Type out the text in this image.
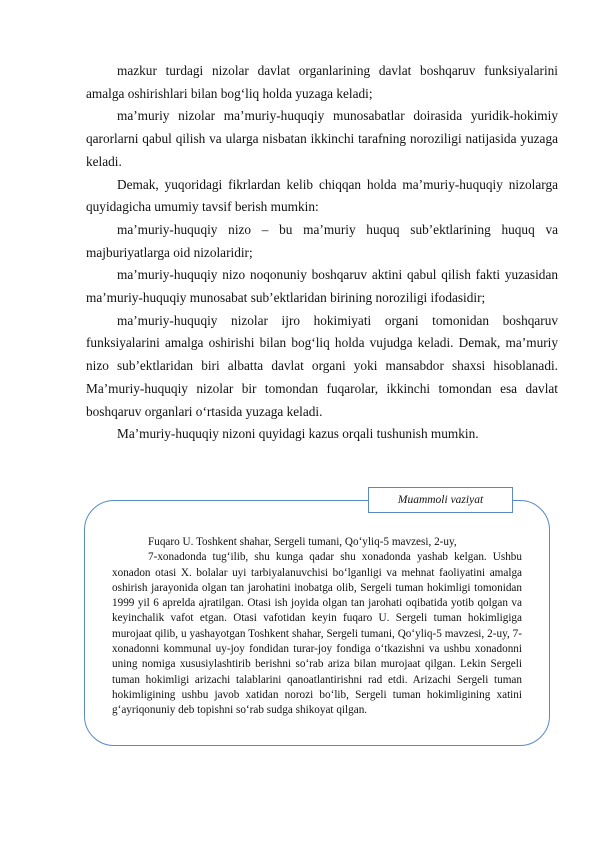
mazkur turdagi nizolar davlat organlarining davlat boshqaruv funksiyalarini amalga oshirishlari bilan bog‘liq holda yuzaga keladi;

ma’muriy nizolar ma’muriy-huquqiy munosabatlar doirasida yuridik-hokimiy qarorlarni qabul qilish va ularga nisbatan ikkinchi tarafning noroziligi natijasida yuzaga keladi.

Demak, yuqoridagi fikrlardan kelib chiqqan holda ma’muriy-huquqiy nizolarga quyidagicha umumiy tavsif berish mumkin:

ma’muriy-huquqiy nizo – bu ma’muriy huquq sub’ektlarining huquq va majburiyatlarga oid nizolaridir;

ma’muriy-huquqiy nizo noqonuniy boshqaruv aktini qabul qilish fakti yuzasidan ma’muriy-huquqiy munosabat sub’ektlaridan birining noroziligi ifodasidir;

ma’muriy-huquqiy nizolar ijro hokimiyati organi tomonidan boshqaruv funksiyalarini amalga oshirishi bilan bog‘liq holda vujudga keladi. Demak, ma’muriy nizo sub’ektlaridan biri albatta davlat organi yoki mansabdor shaxsi hisoblanadi. Ma’muriy-huquqiy nizolar bir tomondan fuqarolar, ikkinchi tomondan esa davlat boshqaruv organlari o‘rtasida yuzaga keladi.

Ma’muriy-huquqiy nizoni quyidagi kazus orqali tushunish mumkin.

Muammoli vaziyat

Fuqaro U. Toshkent shahar, Sergeli tumani, Qo‘yliq-5 mavzesi, 2-uy,

7-xonadonda tug‘ilib, shu kunga qadar shu xonadonda yashab kelgan. Ushbu xonadon otasi X. bolalar uyi tarbiyalanuvchisi bo‘lganligi va mehnat faoliyatini amalga oshirish jarayonida olgan tan jarohatini inobatga olib, Sergeli tuman hokimligi tomonidan 1999 yil 6 aprelda ajratilgan. Otasi ish joyida olgan tan jarohati oqibatida yotib qolgan va keyinchalik vafot etgan. Otasi vafotidan keyin fuqaro U. Sergeli tuman hokimligiga murojaat qilib, u yashayotgan Toshkent shahar, Sergeli tumani, Qo‘yliq-5 mavzesi, 2-uy, 7-xonadonni kommunal uy-joy fondidan turar-joy fondiga o‘tkazishni va ushbu xonadonni uning nomiga xususiylashtirib berishni so‘rab ariza bilan murojaat qilgan. Lekin Sergeli tuman hokimligi arizachi talablarini qanoatlantirishni rad etdi. Arizachi Sergeli tuman hokimligining ushbu javob xatidan norozi bo‘lib, Sergeli tuman hokimligining xatini g‘ayriqonuniy deb topishni so‘rab sudga shikoyat qilgan.
